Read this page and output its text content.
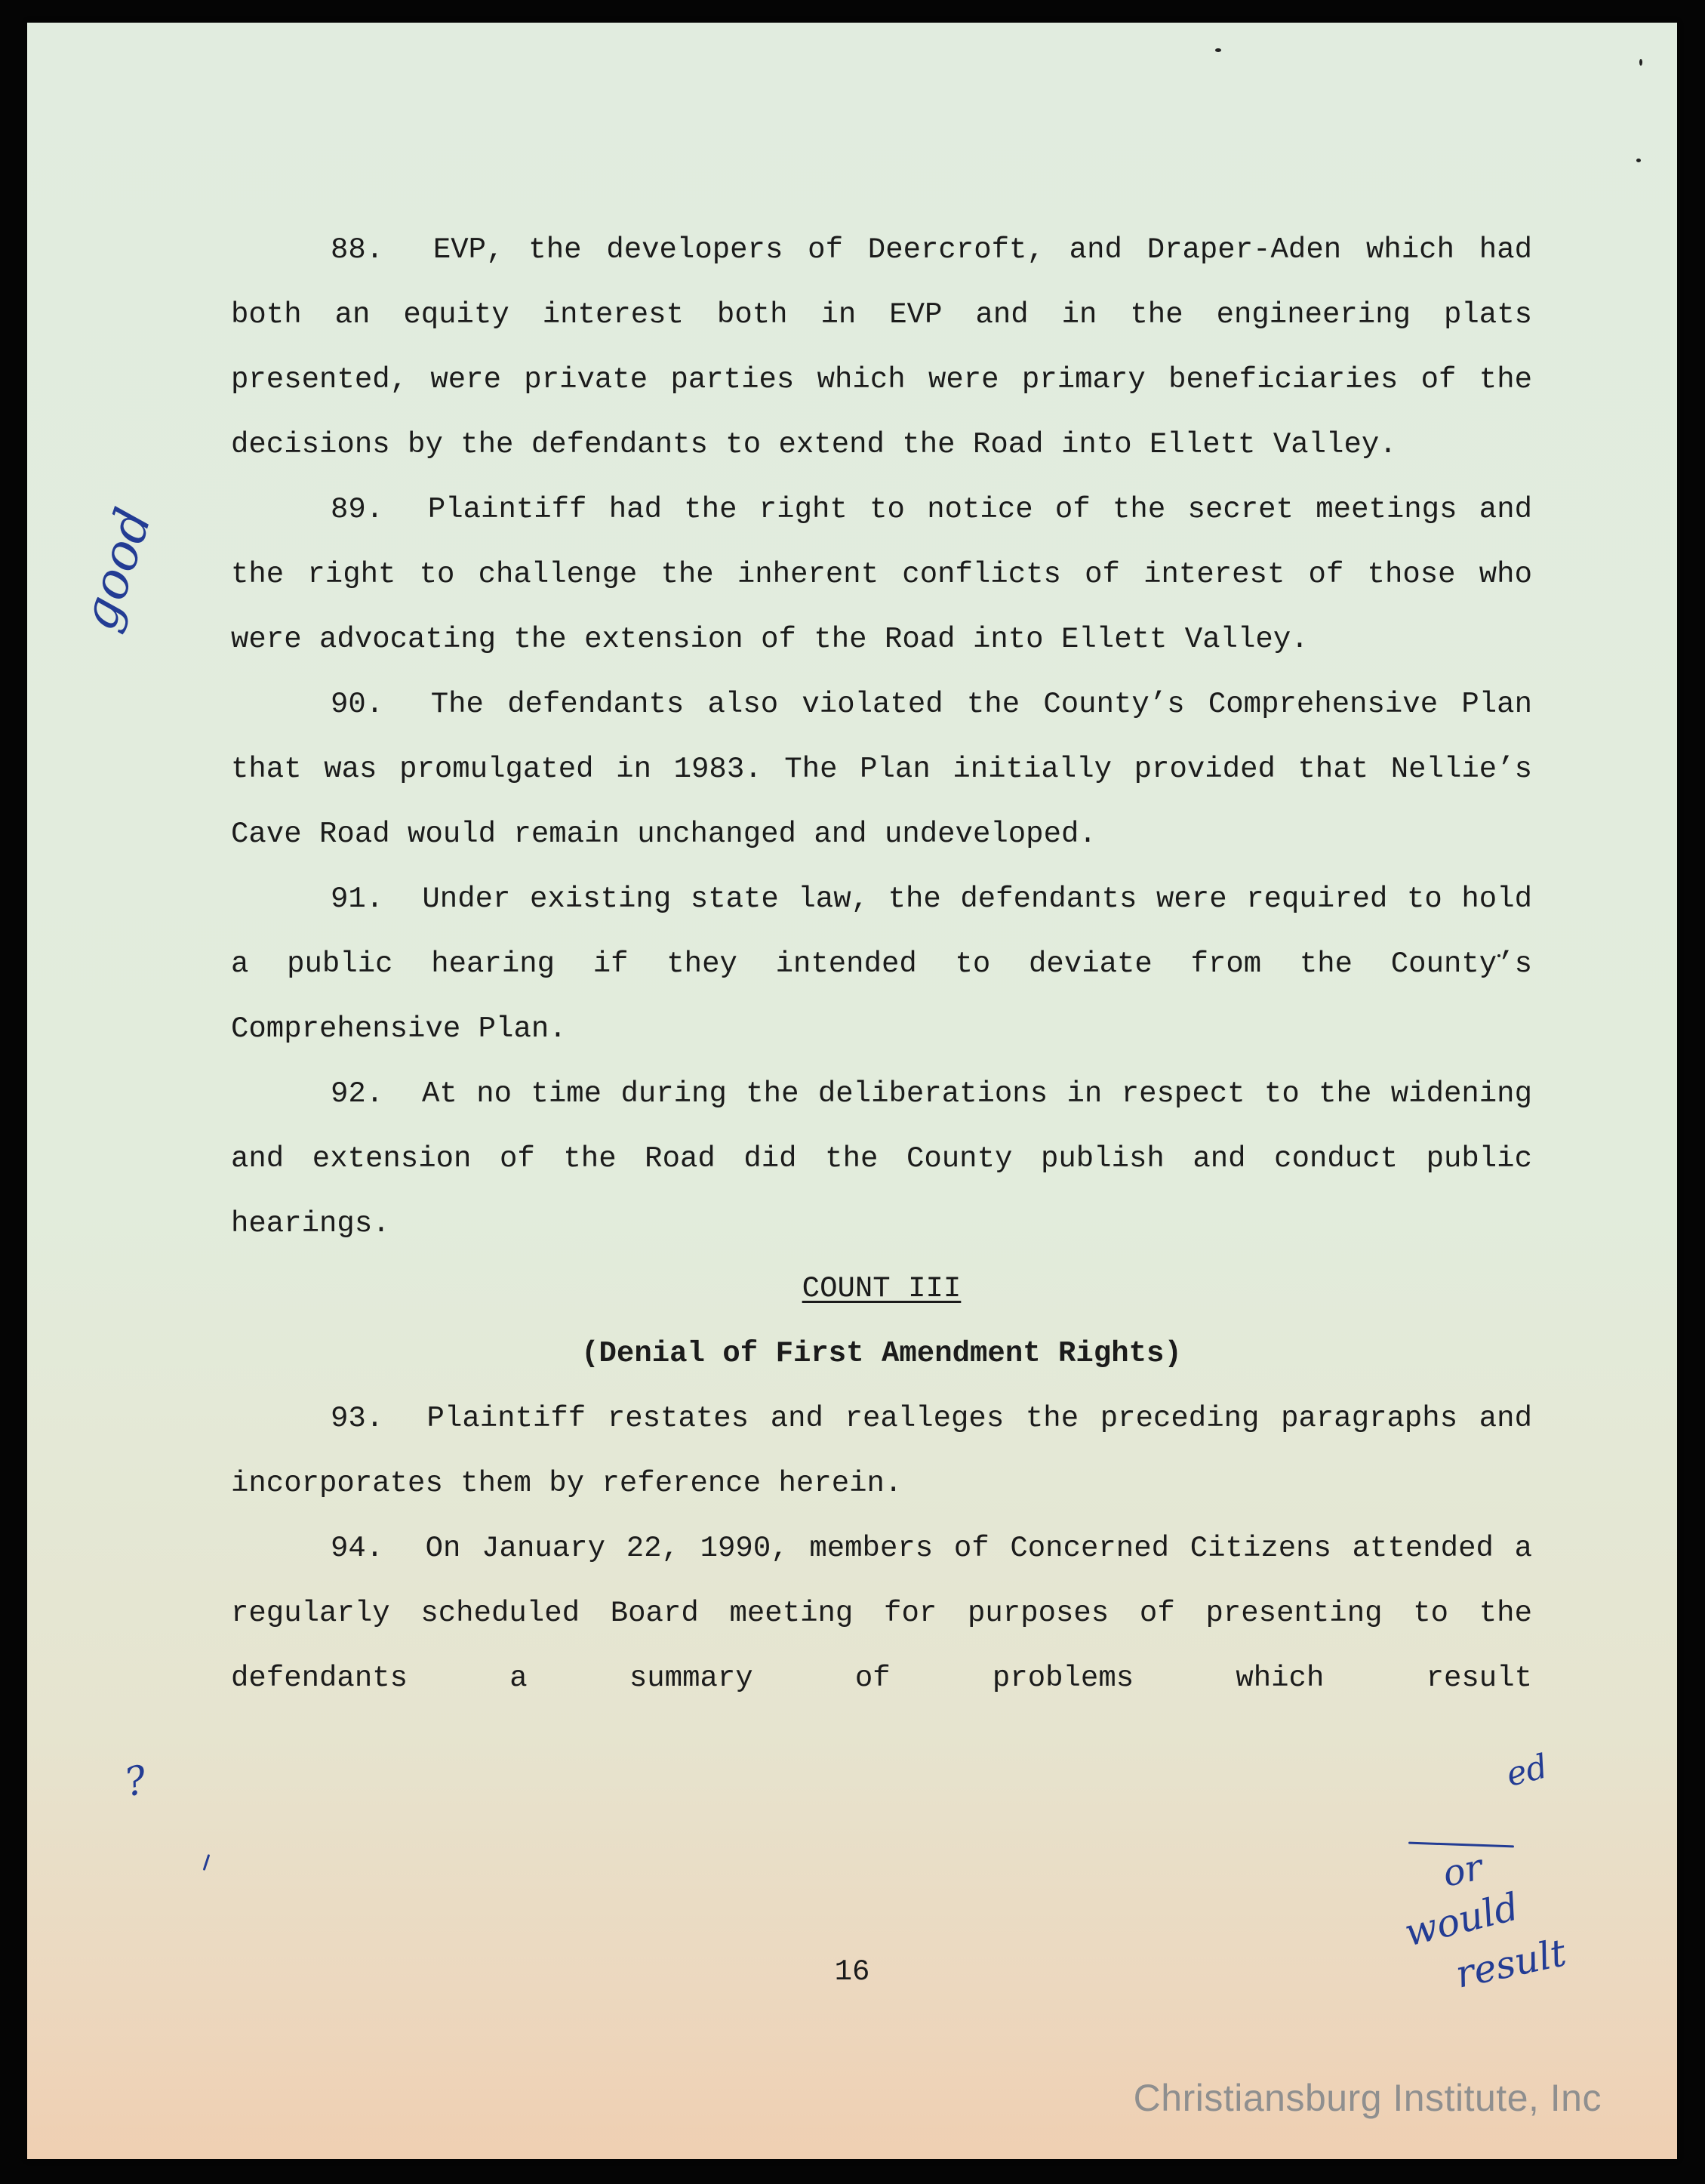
88. EVP, the developers of Deercroft, and Draper-Aden which had both an equity interest both in EVP and in the engineering plats presented, were private parties which were primary beneficiaries of the decisions by the defendants to extend the Road into Ellett Valley.

89. Plaintiff had the right to notice of the secret meetings and the right to challenge the inherent conflicts of interest of those who were advocating the extension of the Road into Ellett Valley.

90. The defendants also violated the County’s Comprehensive Plan that was promulgated in 1983. The Plan initially provided that Nellie’s Cave Road would remain unchanged and undeveloped.

91. Under existing state law, the defendants were required to hold a public hearing if they intended to deviate from the County’s Comprehensive Plan.

92. At no time during the deliberations in respect to the widening and extension of the Road did the County publish and conduct public hearings.

COUNT III

(Denial of First Amendment Rights)

93. Plaintiff restates and realleges the preceding paragraphs and incorporates them by reference herein.

94. On January 22, 1990, members of Concerned Citizens attended a regularly scheduled Board meeting for purposes of presenting to the defendants a summary of problems which result

16
good
?	ed
or
would
result
Christiansburg Institute, Inc
